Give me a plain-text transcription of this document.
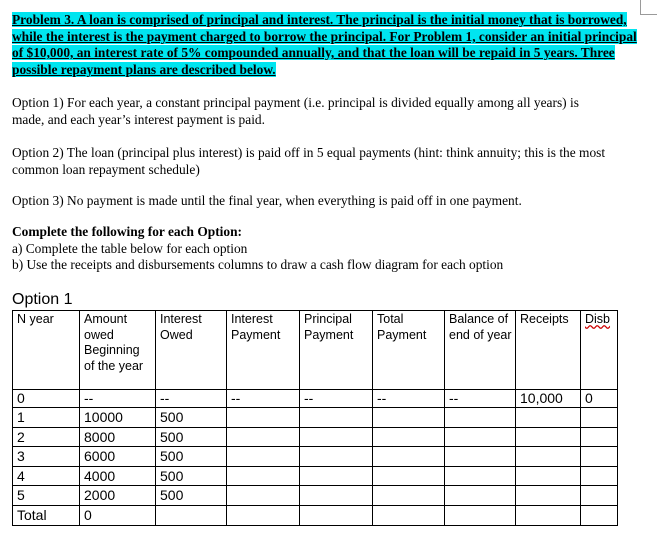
Problem 3. A loan is comprised of principal and interest. The principal is the initial money that is borrowed, while the interest is the payment charged to borrow the principal. For Problem 1, consider an initial principal of $10,000, an interest rate of 5% compounded annually, and that the loan will be repaid in 5 years. Three possible repayment plans are described below.
Option 1) For each year, a constant principal payment (i.e. principal is divided equally among all years) is made, and each year’s interest payment is paid.
Option 2) The loan (principal plus interest) is paid off in 5 equal payments (hint: think annuity; this is the most common loan repayment schedule)
Option 3) No payment is made until the final year, when everything is paid off in one payment.
Complete the following for each Option:
a) Complete the table below for each option
b) Use the receipts and disbursements columns to draw a cash flow diagram for each option
Option 1
N year	Amount owed Beginning of the year	Interest Owed	Interest Payment	Principal Payment	Total Payment	Balance of end of year	Receipts	Disb
0	--	--	--	--	--	--	10,000	0
1	10000	500						
2	8000	500						
3	6000	500						
4	4000	500						
5	2000	500						
Total	0							
